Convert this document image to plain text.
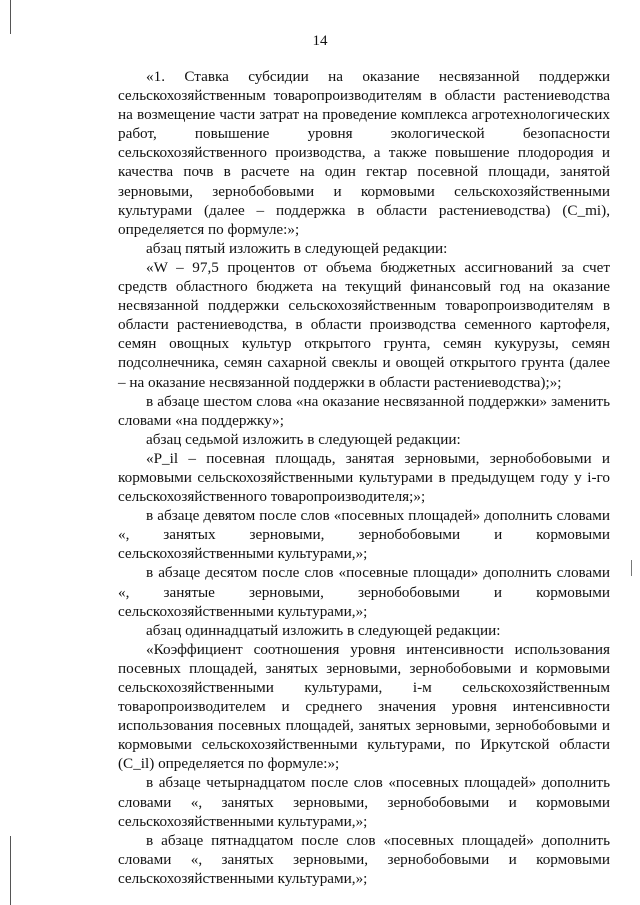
14

«1. Ставка субсидии на оказание несвязанной поддержки сельскохозяйственным товаропроизводителям в области растениеводства на возмещение части затрат на проведение комплекса агротехнологических работ, повышение уровня экологической безопасности сельскохозяйственного производства, а также повышение плодородия и качества почв в расчете на один гектар посевной площади, занятой зерновыми, зернобобовыми и кормовыми сельскохозяйственными культурами (далее – поддержка в области растениеводства) (C_mi), определяется по формуле:»;

абзац пятый изложить в следующей редакции:

«W – 97,5 процентов от объема бюджетных ассигнований за счет средств областного бюджета на текущий финансовый год на оказание несвязанной поддержки сельскохозяйственным товаропроизводителям в области растениеводства, в области производства семенного картофеля, семян овощных культур открытого грунта, семян кукурузы, семян подсолнечника, семян сахарной свеклы и овощей открытого грунта (далее – на оказание несвязанной поддержки в области растениеводства);»;

в абзаце шестом слова «на оказание несвязанной поддержки» заменить словами «на поддержку»;

абзац седьмой изложить в следующей редакции:

«P_il – посевная площадь, занятая зерновыми, зернобобовыми и кормовыми сельскохозяйственными культурами в предыдущем году у i-го сельскохозяйственного товаропроизводителя;»;

в абзаце девятом после слов «посевных площадей» дополнить словами «, занятых зерновыми, зернобобовыми и кормовыми сельскохозяйственными культурами,»;

в абзаце десятом после слов «посевные площади» дополнить словами «, занятые зерновыми, зернобобовыми и кормовыми сельскохозяйственными культурами,»;

абзац одиннадцатый изложить в следующей редакции:

«Коэффициент соотношения уровня интенсивности использования посевных площадей, занятых зерновыми, зернобобовыми и кормовыми сельскохозяйственными культурами, i-м сельскохозяйственным товаропроизводителем и среднего значения уровня интенсивности использования посевных площадей, занятых зерновыми, зернобобовыми и кормовыми сельскохозяйственными культурами, по Иркутской области (C_il) определяется по формуле:»;

в абзаце четырнадцатом после слов «посевных площадей» дополнить словами «, занятых зерновыми, зернобобовыми и кормовыми сельскохозяйственными культурами,»;

в абзаце пятнадцатом после слов «посевных площадей» дополнить словами «, занятых зерновыми, зернобобовыми и кормовыми сельскохозяйственными культурами,»;
